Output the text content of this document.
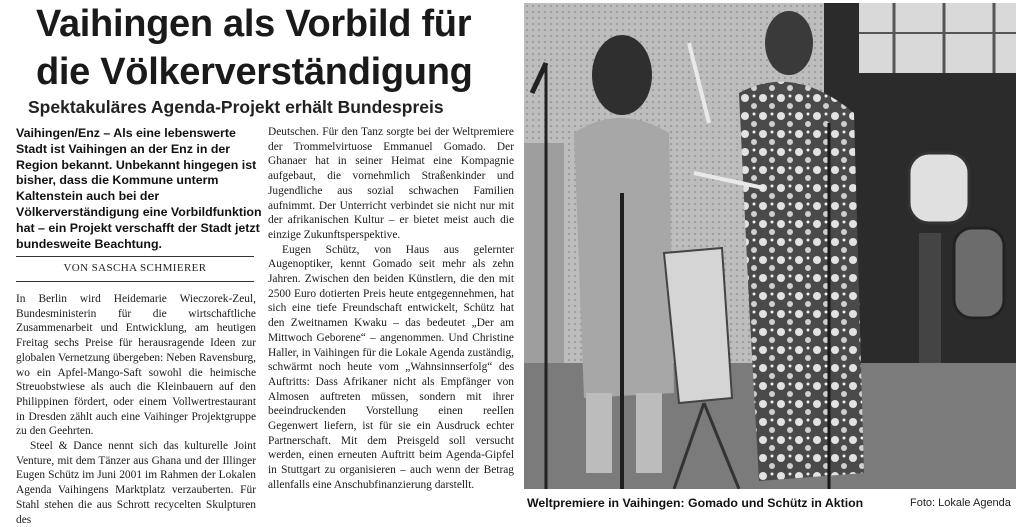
Vaihingen als Vorbild für die Völkerverständigung
Spektakuläres Agenda-Projekt erhält Bundespreis
Vaihingen/Enz – Als eine lebenswerte Stadt ist Vaihingen an der Enz in der Region bekannt. Unbekannt hingegen ist bisher, dass die Kommune unterm Kaltenstein auch bei der Völkerverständigung eine Vorbildfunktion hat – ein Projekt verschafft der Stadt jetzt bundesweite Beachtung.
VON SASCHA SCHMIERER

In Berlin wird Heidemarie Wieczorek-Zeul, Bundesministerin für die wirtschaftliche Zusammenarbeit und Entwicklung, am heutigen Freitag sechs Preise für herausragende Ideen zur globalen Vernetzung übergeben: Neben Ravensburg, wo ein Apfel-Mango-Saft sowohl die heimische Streuobstwiese als auch die Kleinbauern auf den Philippinen fördert, oder einem Vollwertrestaurant in Dresden zählt auch eine Vaihinger Projektgruppe zu den Geehrten.

Steel & Dance nennt sich das kulturelle Joint Venture, mit dem Tänzer aus Ghana und der Illinger Eugen Schütz im Juni 2001 im Rahmen der Lokalen Agenda Vaihingens Marktplatz verzauberten. Für Stahl stehen die aus Schrott recycelten Skulpturen des

Deutschen. Für den Tanz sorgte bei der Weltpremiere der Trommelvirtuose Emmanuel Gomado. Der Ghanaer hat in seiner Heimat eine Kompagnie aufgebaut, die vornehmlich Straßenkinder und Jugendliche aus sozial schwachen Familien aufnimmt. Der Unterricht verbindet sie nicht nur mit der afrikanischen Kultur – er bietet meist auch die einzige Zukunftsperspektive.

Eugen Schütz, von Haus aus gelernter Augenoptiker, kennt Gomado seit mehr als zehn Jahren. Zwischen den beiden Künstlern, die den mit 2500 Euro dotierten Preis heute entgegennehmen, hat sich eine tiefe Freundschaft entwickelt, Schütz hat den Zweitnamen Kwaku – das bedeutet „Der am Mittwoch Geborene“ – angenommen. Und Christine Haller, in Vaihingen für die Lokale Agenda zuständig, schwärmt noch heute vom „Wahnsinnserfolg“ des Auftritts: Dass Afrikaner nicht als Empfänger von Almosen auftreten müssen, sondern mit ihrer beeindruckenden Vorstellung einen reellen Gegenwert liefern, ist für sie ein Ausdruck echter Partnerschaft. Mit dem Preisgeld soll versucht werden, einen erneuten Auftritt beim Agenda-Gipfel in Stuttgart zu organisieren – auch wenn der Betrag allenfalls eine Anschubfinanzierung darstellt.

Weltpremiere in Vaihingen: Gomado und Schütz in Aktion	Foto: Lokale Agenda
